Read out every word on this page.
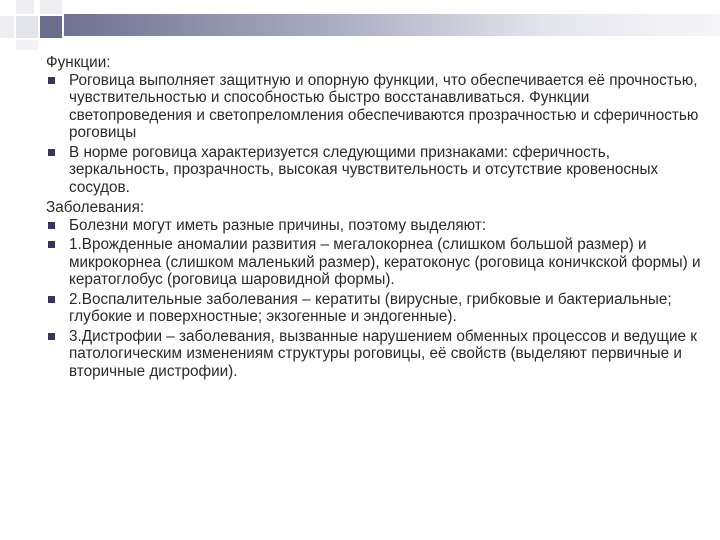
Функции:
Роговица выполняет защитную и опорную функции, что обеспечивается её прочностью, чувствительностью и способностью быстро восстанавливаться. Функции светопроведения и светопреломления обеспечиваются прозрачностью и сферичностью роговицы
В норме роговица характеризуется следующими признаками: сферичность, зеркальность, прозрачность, высокая чувствительность и отсутствие кровеносных сосудов.
Заболевания:
Болезни могут иметь разные причины, поэтому выделяют:
1.Врожденные аномалии развития – мегалокорнеа (слишком большой размер) и микрокорнеа (слишком маленький размер), кератоконус (роговица коничкской формы) и кератоглобус (роговица шаровидной формы).
2.Воспалительные заболевания – кератиты (вирусные, грибковые и бактериальные; глубокие и поверхностные; экзогенные и эндогенные).
3.Дистрофии – заболевания, вызванные нарушением обменных процессов и ведущие к патологическим изменениям структуры роговицы, её свойств (выделяют первичные и вторичные дистрофии).
